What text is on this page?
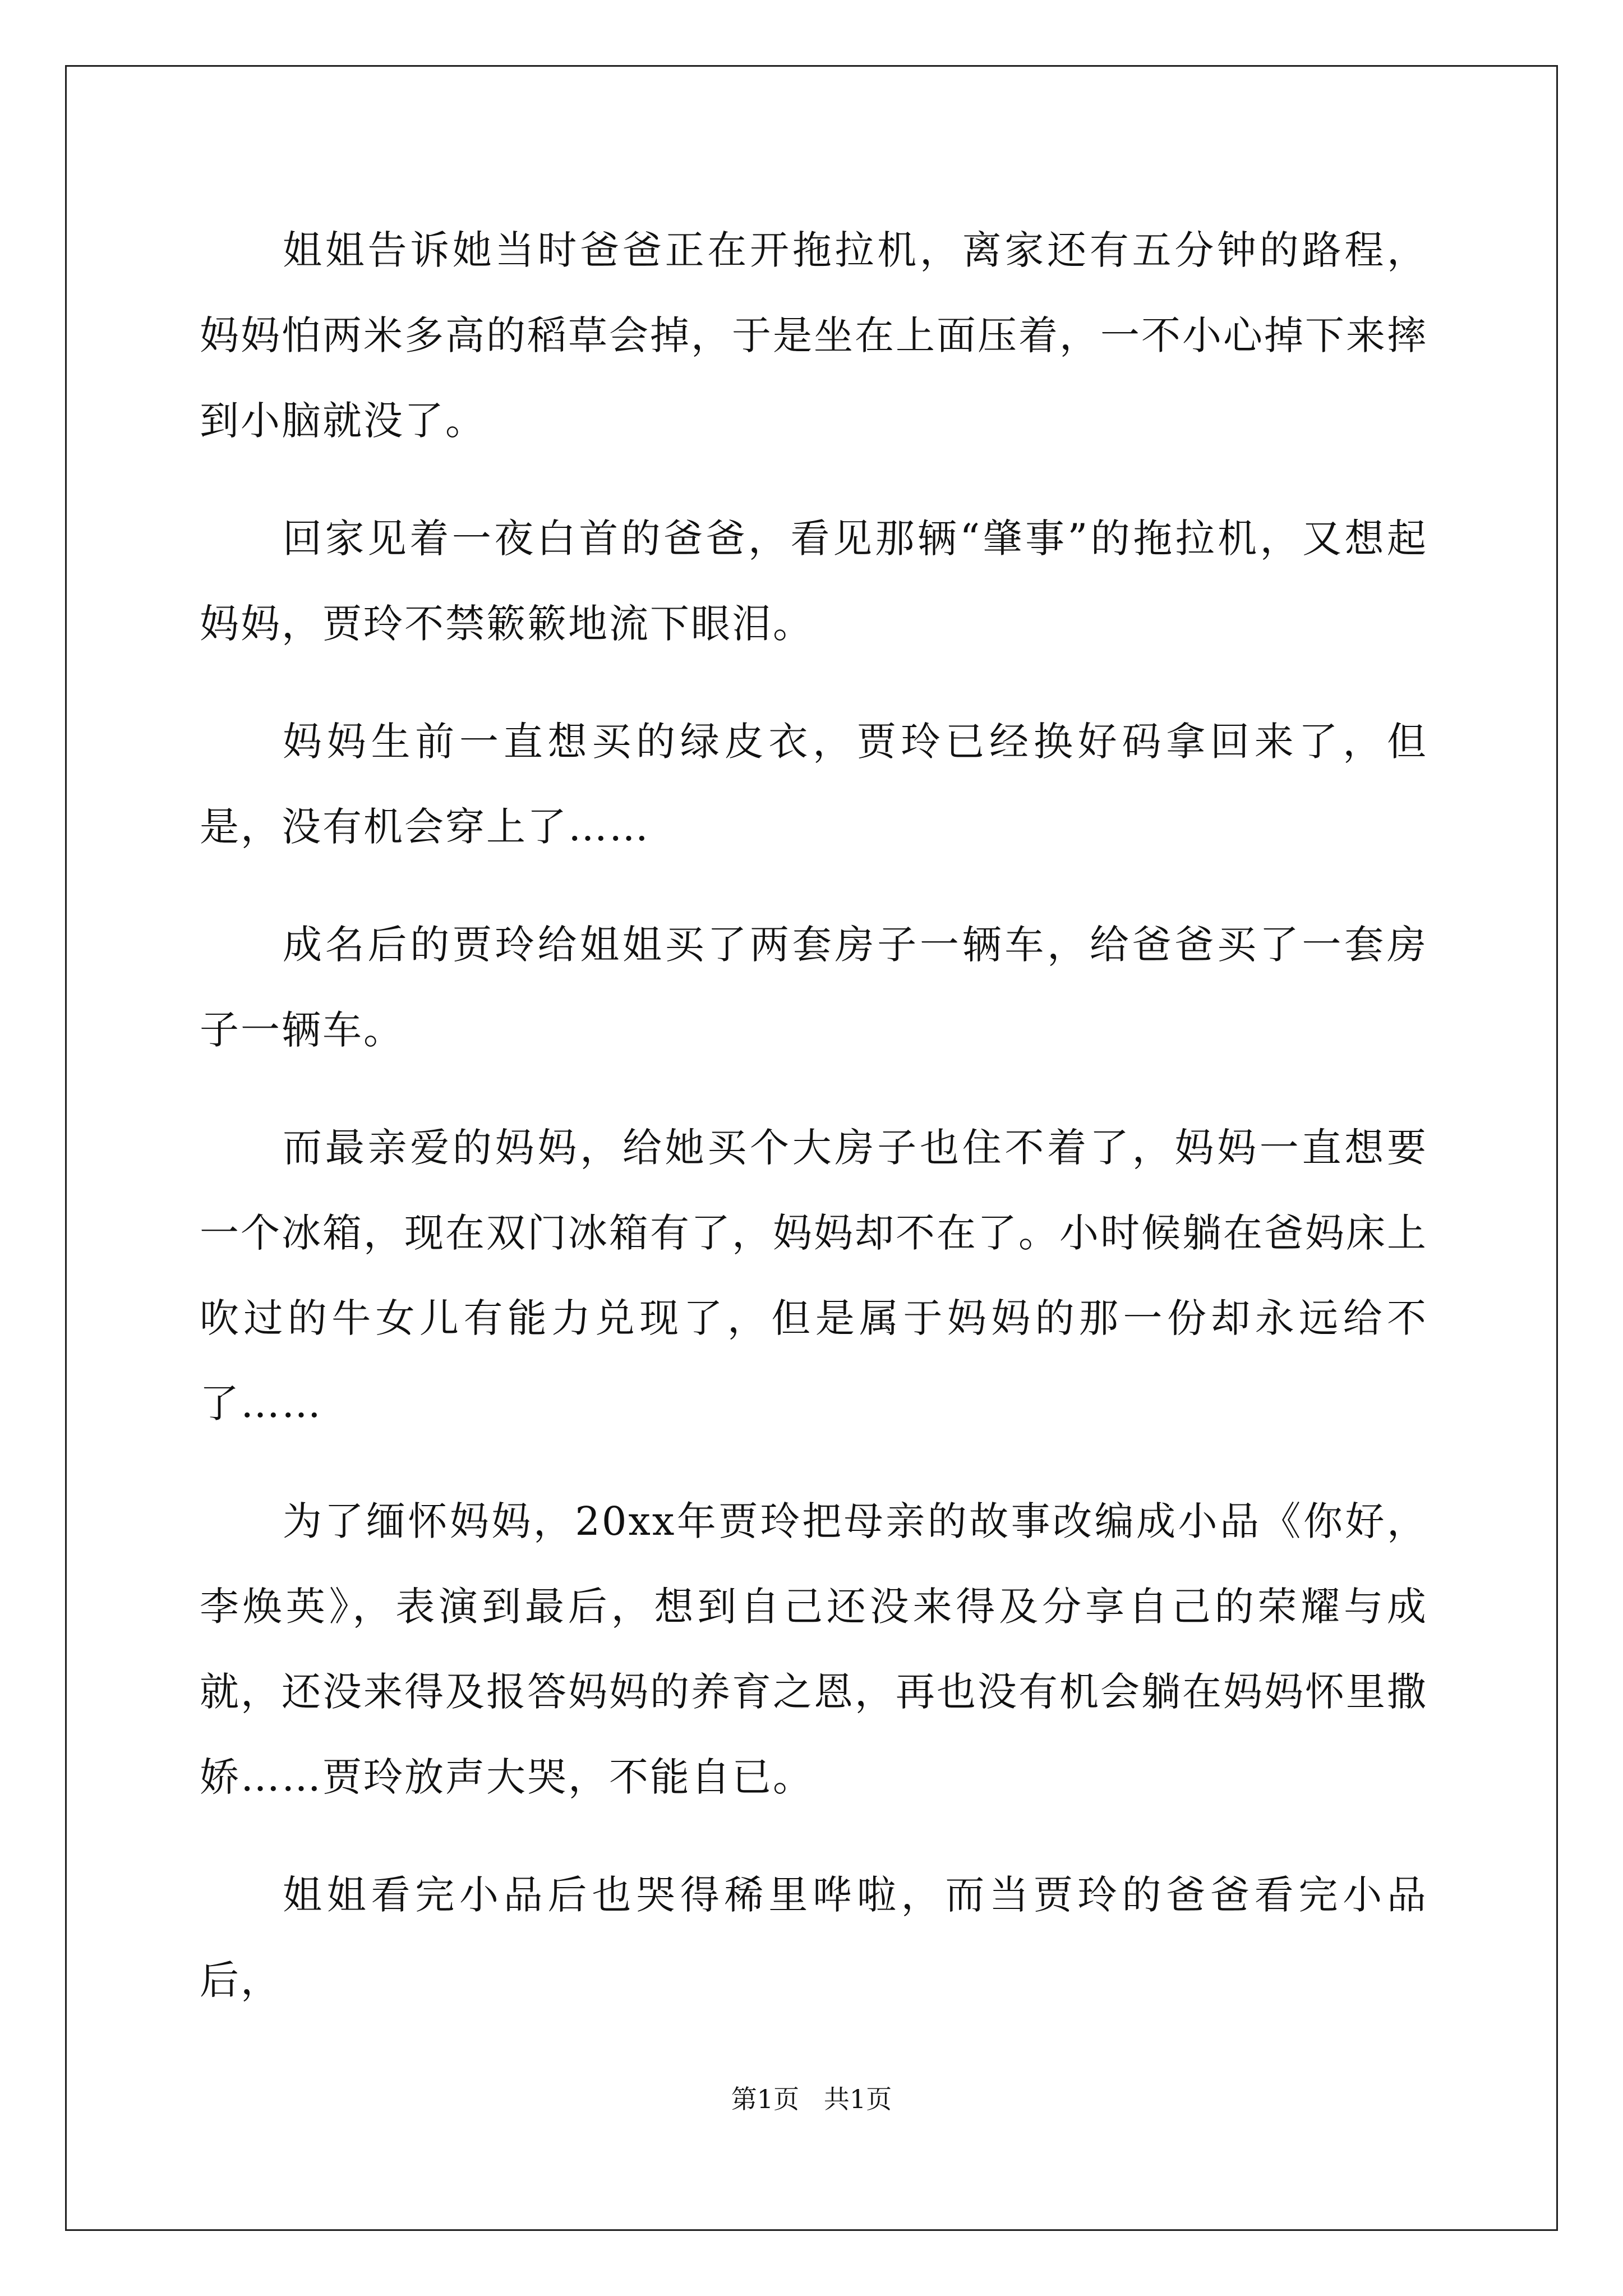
姐姐告诉她当时爸爸正在开拖拉机，离家还有五分钟的路程，妈妈怕两米多高的稻草会掉，于是坐在上面压着，一不小心掉下来摔到小脑就没了。

回家见着一夜白首的爸爸，看见那辆“肇事”的拖拉机，又想起妈妈，贾玲不禁簌簌地流下眼泪。

妈妈生前一直想买的绿皮衣，贾玲已经换好码拿回来了，但是，没有机会穿上了……

成名后的贾玲给姐姐买了两套房子一辆车，给爸爸买了一套房子一辆车。

而最亲爱的妈妈，给她买个大房子也住不着了，妈妈一直想要一个冰箱，现在双门冰箱有了，妈妈却不在了。小时候躺在爸妈床上吹过的牛女儿有能力兑现了，但是属于妈妈的那一份却永远给不了……

为了缅怀妈妈，20xx年贾玲把母亲的故事改编成小品《你好，李焕英》，表演到最后，想到自己还没来得及分享自己的荣耀与成就，还没来得及报答妈妈的养育之恩，再也没有机会躺在妈妈怀里撒娇……贾玲放声大哭，不能自已。

姐姐看完小品后也哭得稀里哗啦，而当贾玲的爸爸看完小品后，

第1页   共1页
